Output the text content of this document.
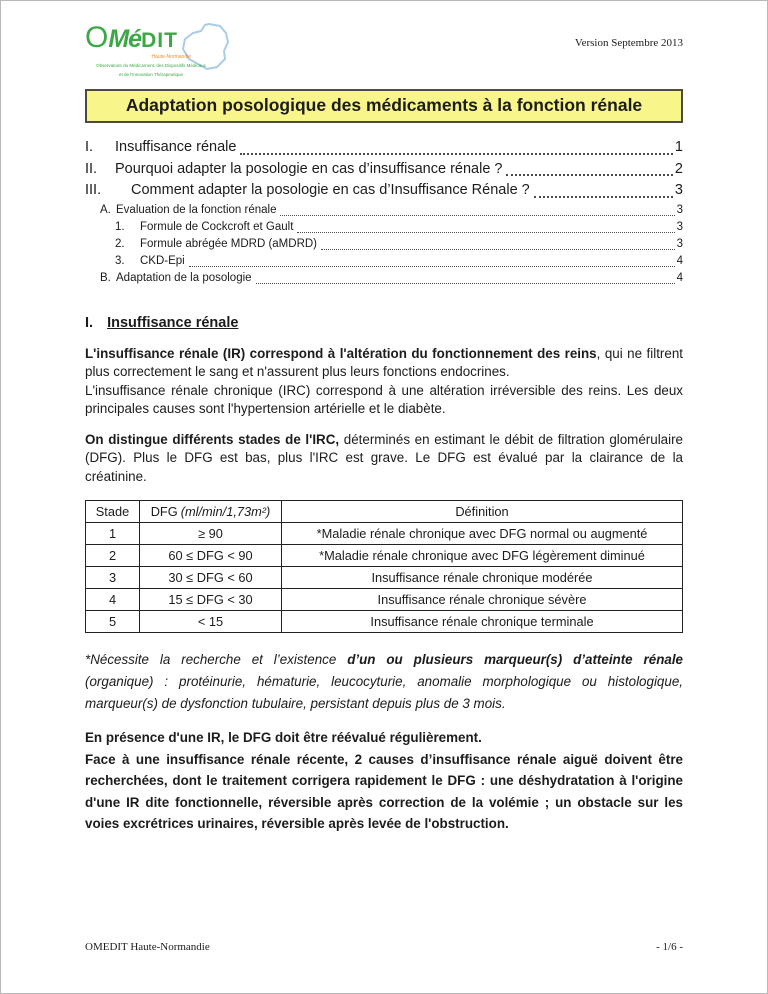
OMéDIT
Haute-Normandie
Observatoire du Médicament, des Dispositifs Médicaux
et de l'Innovation Thérapeutique
Version Septembre 2013
Adaptation posologique des médicaments à la fonction rénale
I.	Insuffisance rénale	1
II.	Pourquoi adapter la posologie en cas d’insuffisance rénale ?	2
III.	Comment adapter la posologie en cas d’Insuffisance Rénale ?	3
A. Evaluation de la fonction rénale	3
1.	Formule de Cockcroft et Gault	3
2.	Formule abrégée MDRD (aMDRD)	3
3.	CKD-Epi	4
B. Adaptation de la posologie	4
I. Insuffisance rénale

L'insuffisance rénale (IR) correspond à l'altération du fonctionnement des reins, qui ne filtrent plus correctement le sang et n'assurent plus leurs fonctions endocrines.

L'insuffisance rénale chronique (IRC) correspond à une altération irréversible des reins. Les deux principales causes sont l'hypertension artérielle et le diabète.

On distingue différents stades de l'IRC, déterminés en estimant le débit de filtration glomérulaire (DFG). Plus le DFG est bas, plus l'IRC est grave. Le DFG est évalué par la clairance de la créatinine.

Stade	DFG (ml/min/1,73m²)	Définition
1	≥ 90	*Maladie rénale chronique avec DFG normal ou augmenté
2	60 ≤ DFG < 90	*Maladie rénale chronique avec DFG légèrement diminué
3	30 ≤ DFG < 60	Insuffisance rénale chronique modérée
4	15 ≤ DFG < 30	Insuffisance rénale chronique sévère
5	< 15	Insuffisance rénale chronique terminale

*Nécessite la recherche et l’existence d’un ou plusieurs marqueur(s) d’atteinte rénale (organique) : protéinurie, hématurie, leucocyturie, anomalie morphologique ou histologique, marqueur(s) de dysfonction tubulaire, persistant depuis plus de 3 mois.

En présence d'une IR, le DFG doit être réévalué régulièrement.

Face à une insuffisance rénale récente, 2 causes d’insuffisance rénale aiguë doivent être recherchées, dont le traitement corrigera rapidement le DFG : une déshydratation à l'origine d'une IR dite fonctionnelle, réversible après correction de la volémie ; un obstacle sur les voies excrétrices urinaires, réversible après levée de l'obstruction.

OMEDIT Haute-Normandie	- 1/6 -
